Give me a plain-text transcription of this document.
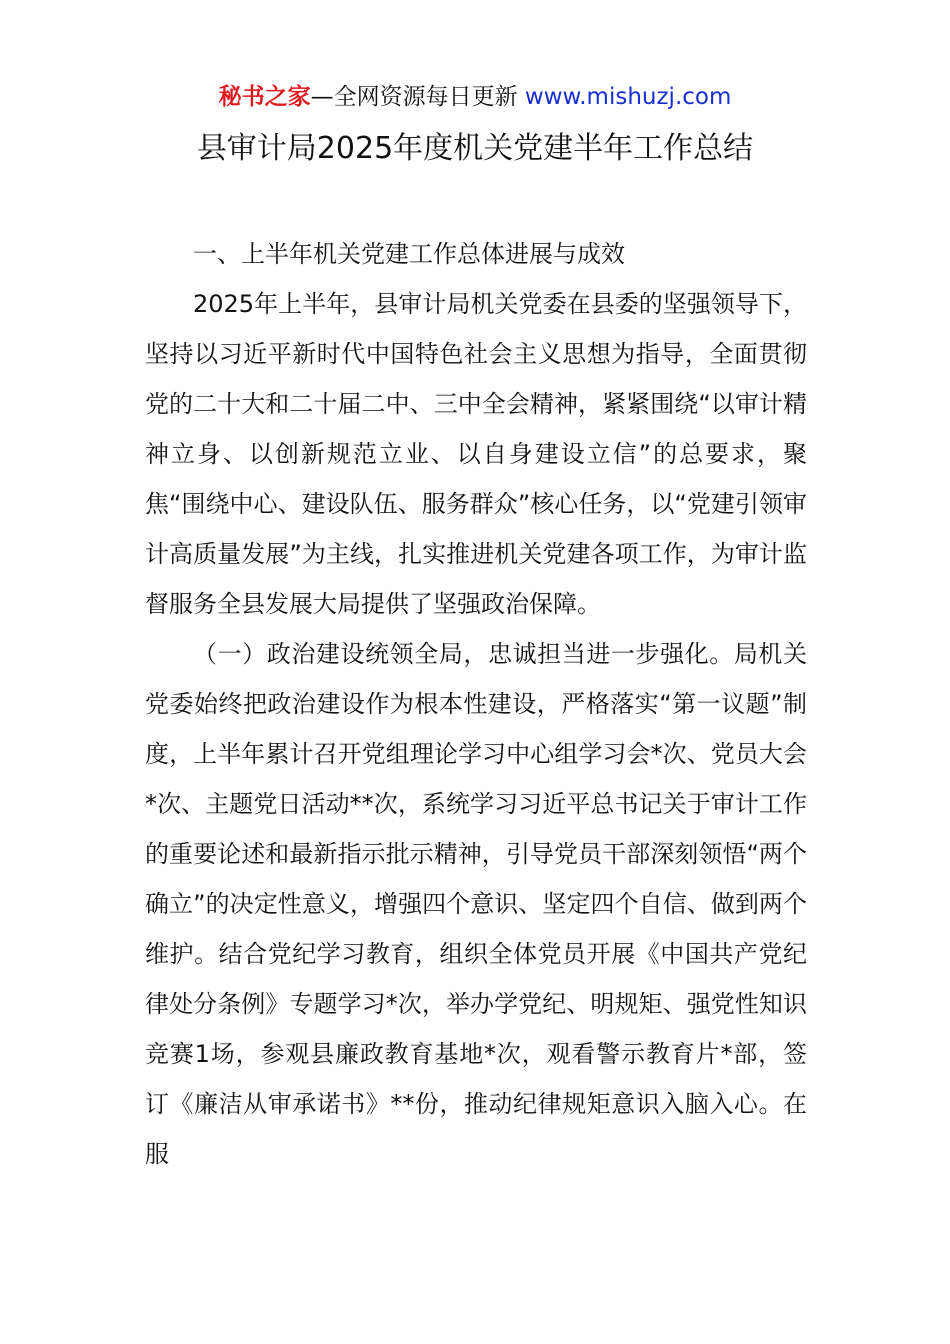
秘书之家—全网资源每日更新 www.mishuzj.com
县审计局2025年度机关党建半年工作总结

一、上半年机关党建工作总体进展与成效

2025年上半年，县审计局机关党委在县委的坚强领导下，坚持以习近平新时代中国特色社会主义思想为指导，全面贯彻党的二十大和二十届二中、三中全会精神，紧紧围绕“以审计精神立身、以创新规范立业、以自身建设立信”的总要求，聚焦“围绕中心、建设队伍、服务群众”核心任务，以“党建引领审计高质量发展”为主线，扎实推进机关党建各项工作，为审计监督服务全县发展大局提供了坚强政治保障。

（一）政治建设统领全局，忠诚担当进一步强化。局机关党委始终把政治建设作为根本性建设，严格落实“第一议题”制度，上半年累计召开党组理论学习中心组学习会*次、党员大会*次、主题党日活动**次，系统学习习近平总书记关于审计工作的重要论述和最新指示批示精神，引导党员干部深刻领悟“两个确立”的决定性意义，增强四个意识、坚定四个自信、做到两个维护。结合党纪学习教育，组织全体党员开展《中国共产党纪律处分条例》专题学习*次，举办学党纪、明规矩、强党性知识竞赛1场，参观县廉政教育基地*次，观看警示教育片*部，签订《廉洁从审承诺书》**份，推动纪律规矩意识入脑入心。在服
